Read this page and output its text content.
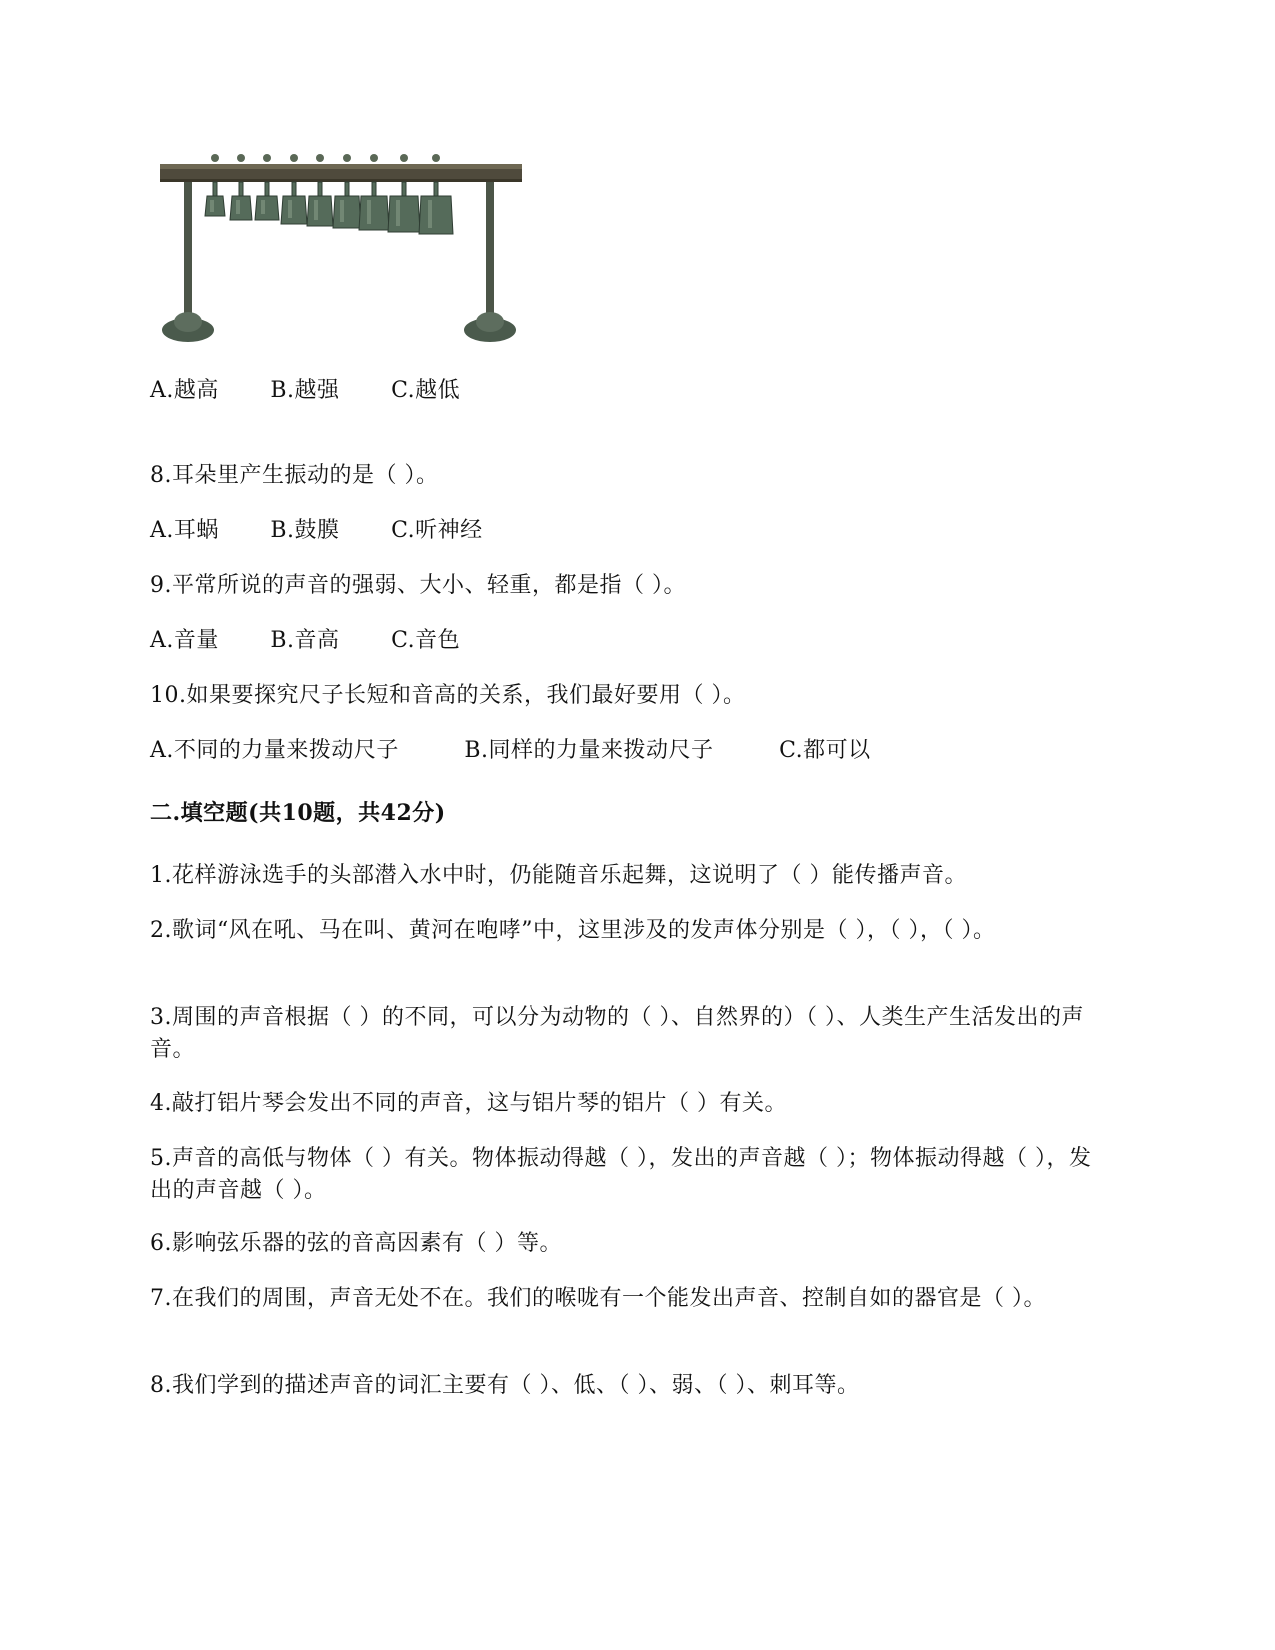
A.越高 B.越强 C.越低
8.耳朵里产生振动的是（ ）。
A.耳蜗 B.鼓膜 C.听神经
9.平常所说的声音的强弱、大小、轻重，都是指（ ）。
A.音量 B.音高 C.音色
10.如果要探究尺子长短和音高的关系，我们最好要用（ ）。
A.不同的力量来拨动尺子	B.同样的力量来拨动尺子	C.都可以
二.填空题(共10题，共42分)
1.花样游泳选手的头部潜入水中时，仍能随音乐起舞，这说明了（ ）能传播声音。
2.歌词“风在吼、马在叫、黄河在咆哮”中，这里涉及的发声体分别是（ ），（ ），（ ）。
3.周围的声音根据（ ）的不同，可以分为动物的（ ）、自然界的）（ ）、人类生产生活发出的声音。
4.敲打铝片琴会发出不同的声音，这与铝片琴的铝片（ ）有关。
5.声音的高低与物体（ ）有关。物体振动得越（ ），发出的声音越（ ）；物体振动得越（ ），发出的声音越（ ）。
6.影响弦乐器的弦的音高因素有（ ）等。
7.在我们的周围，声音无处不在。我们的喉咙有一个能发出声音、控制自如的器官是（ ）。
8.我们学到的描述声音的词汇主要有（ ）、低、（ ）、弱、（ ）、刺耳等。
